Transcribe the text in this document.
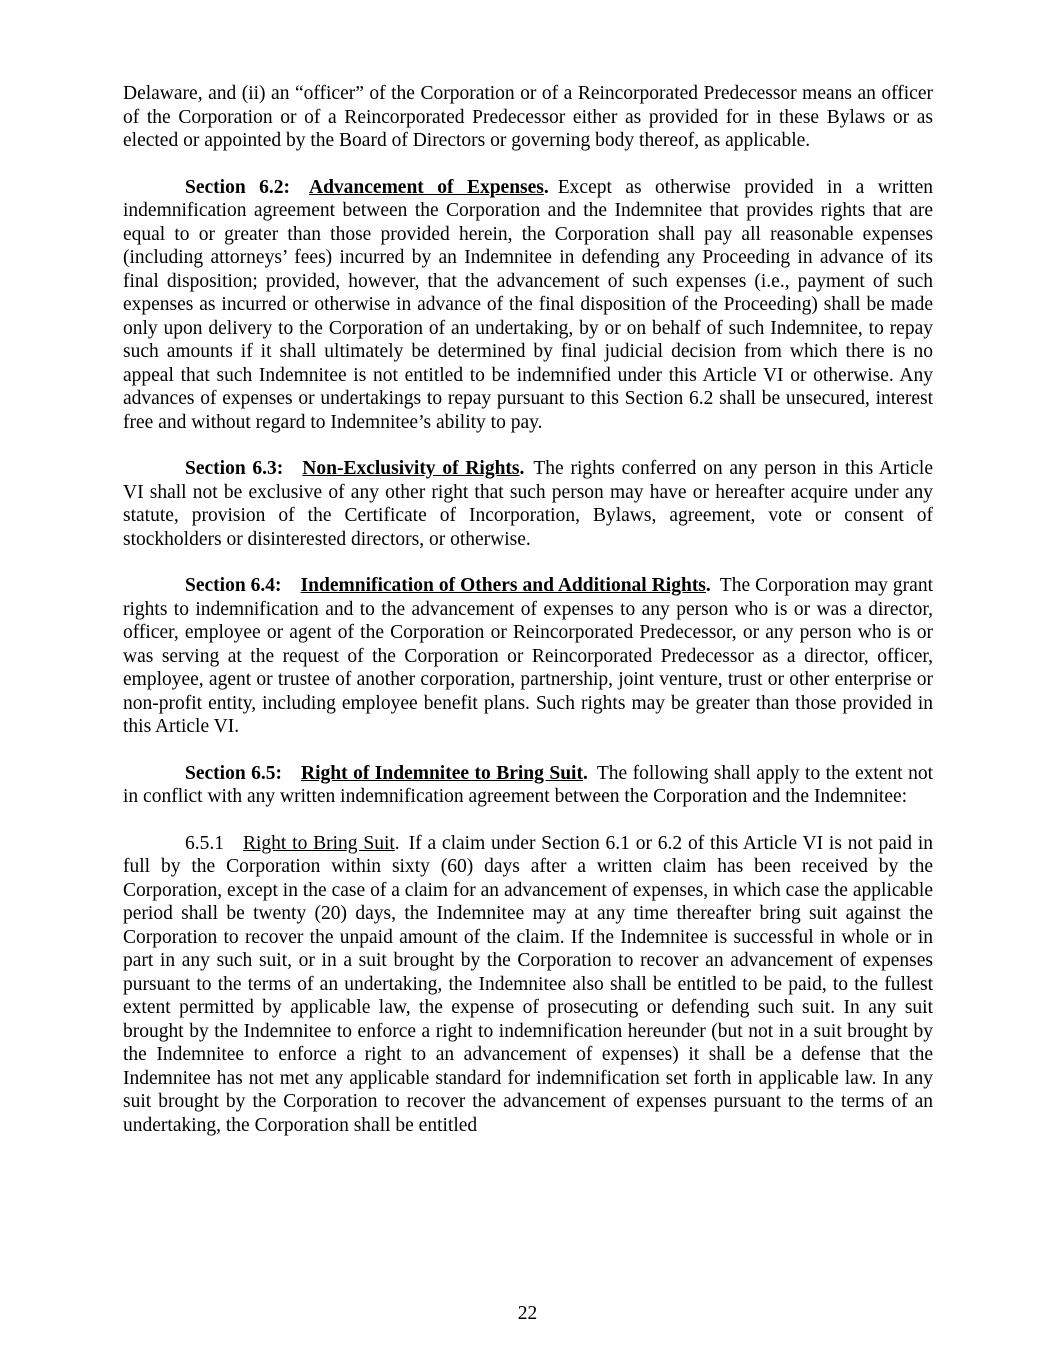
Delaware, and (ii) an “officer” of the Corporation or of a Reincorporated Predecessor means an officer of the Corporation or of a Reincorporated Predecessor either as provided for in these Bylaws or as elected or appointed by the Board of Directors or governing body thereof, as applicable.

Section 6.2: Advancement of Expenses. Except as otherwise provided in a written indemnification agreement between the Corporation and the Indemnitee that provides rights that are equal to or greater than those provided herein, the Corporation shall pay all reasonable expenses (including attorneys’ fees) incurred by an Indemnitee in defending any Proceeding in advance of its final disposition; provided, however, that the advancement of such expenses (i.e., payment of such expenses as incurred or otherwise in advance of the final disposition of the Proceeding) shall be made only upon delivery to the Corporation of an undertaking, by or on behalf of such Indemnitee, to repay such amounts if it shall ultimately be determined by final judicial decision from which there is no appeal that such Indemnitee is not entitled to be indemnified under this Article VI or otherwise. Any advances of expenses or undertakings to repay pursuant to this Section 6.2 shall be unsecured, interest free and without regard to Indemnitee’s ability to pay.

Section 6.3: Non-Exclusivity of Rights. The rights conferred on any person in this Article VI shall not be exclusive of any other right that such person may have or hereafter acquire under any statute, provision of the Certificate of Incorporation, Bylaws, agreement, vote or consent of stockholders or disinterested directors, or otherwise.

Section 6.4: Indemnification of Others and Additional Rights. The Corporation may grant rights to indemnification and to the advancement of expenses to any person who is or was a director, officer, employee or agent of the Corporation or Reincorporated Predecessor, or any person who is or was serving at the request of the Corporation or Reincorporated Predecessor as a director, officer, employee, agent or trustee of another corporation, partnership, joint venture, trust or other enterprise or non-profit entity, including employee benefit plans. Such rights may be greater than those provided in this Article VI.

Section 6.5: Right of Indemnitee to Bring Suit. The following shall apply to the extent not in conflict with any written indemnification agreement between the Corporation and the Indemnitee:

6.5.1 Right to Bring Suit. If a claim under Section 6.1 or 6.2 of this Article VI is not paid in full by the Corporation within sixty (60) days after a written claim has been received by the Corporation, except in the case of a claim for an advancement of expenses, in which case the applicable period shall be twenty (20) days, the Indemnitee may at any time thereafter bring suit against the Corporation to recover the unpaid amount of the claim. If the Indemnitee is successful in whole or in part in any such suit, or in a suit brought by the Corporation to recover an advancement of expenses pursuant to the terms of an undertaking, the Indemnitee also shall be entitled to be paid, to the fullest extent permitted by applicable law, the expense of prosecuting or defending such suit. In any suit brought by the Indemnitee to enforce a right to indemnification hereunder (but not in a suit brought by the Indemnitee to enforce a right to an advancement of expenses) it shall be a defense that the Indemnitee has not met any applicable standard for indemnification set forth in applicable law. In any suit brought by the Corporation to recover the advancement of expenses pursuant to the terms of an undertaking, the Corporation shall be entitled

22
